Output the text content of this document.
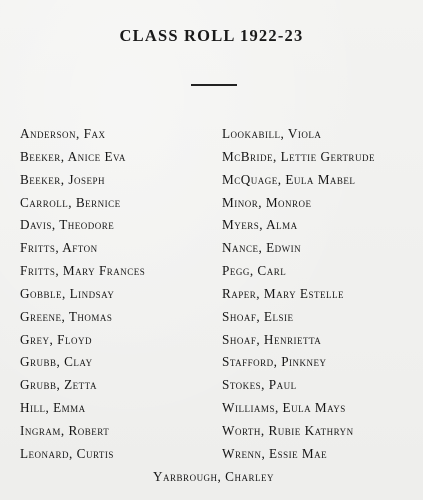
CLASS ROLL 1922-23
Anderson, Fax
Beeker, Anice Eva
Beeker, Joseph
Carroll, Bernice
Davis, Theodore
Fritts, Afton
Fritts, Mary Frances
Gobble, Lindsay
Greene, Thomas
Grey, Floyd
Grubb, Clay
Grubb, Zetta
Hill, Emma
Ingram, Robert
Leonard, Curtis
Lookabill, Viola
McBride, Lettie Gertrude
McQuage, Eula Mabel
Minor, Monroe
Myers, Alma
Nance, Edwin
Pegg, Carl
Raper, Mary Estelle
Shoaf, Elsie
Shoaf, Henrietta
Stafford, Pinkney
Stokes, Paul
Williams, Eula Mays
Worth, Rubie Kathryn
Wrenn, Essie Mae
Yarbrough, Charley
